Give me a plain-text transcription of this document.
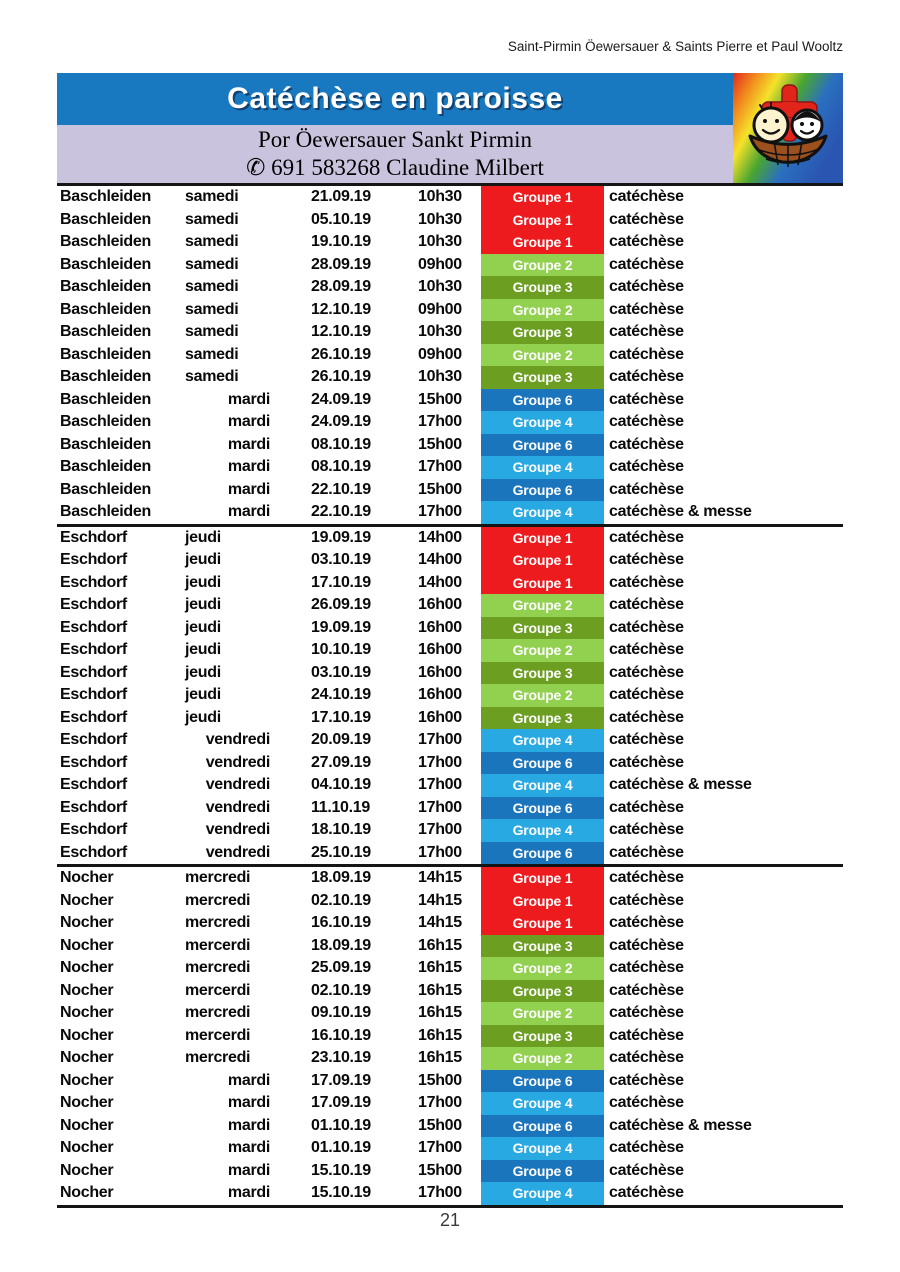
Saint-Pirmin Öewersauer & Saints Pierre et Paul Wooltz
Catéchèse en paroisse
Por Öewersauer Sankt Pirmin
✆ 691 583268 Claudine Milbert
Baschleiden	samedi	21.09.19	10h30	Groupe 1	catéchèse
Baschleiden	samedi	05.10.19	10h30	Groupe 1	catéchèse
Baschleiden	samedi	19.10.19	10h30	Groupe 1	catéchèse
Baschleiden	samedi	28.09.19	09h00	Groupe 2	catéchèse
Baschleiden	samedi	28.09.19	10h30	Groupe 3	catéchèse
Baschleiden	samedi	12.10.19	09h00	Groupe 2	catéchèse
Baschleiden	samedi	12.10.19	10h30	Groupe 3	catéchèse
Baschleiden	samedi	26.10.19	09h00	Groupe 2	catéchèse
Baschleiden	samedi	26.10.19	10h30	Groupe 3	catéchèse
Baschleiden	mardi	24.09.19	15h00	Groupe 6	catéchèse
Baschleiden	mardi	24.09.19	17h00	Groupe 4	catéchèse
Baschleiden	mardi	08.10.19	15h00	Groupe 6	catéchèse
Baschleiden	mardi	08.10.19	17h00	Groupe 4	catéchèse
Baschleiden	mardi	22.10.19	15h00	Groupe 6	catéchèse
Baschleiden	mardi	22.10.19	17h00	Groupe 4	catéchèse & messe
Eschdorf	jeudi	19.09.19	14h00	Groupe 1	catéchèse
Eschdorf	jeudi	03.10.19	14h00	Groupe 1	catéchèse
Eschdorf	jeudi	17.10.19	14h00	Groupe 1	catéchèse
Eschdorf	jeudi	26.09.19	16h00	Groupe 2	catéchèse
Eschdorf	jeudi	19.09.19	16h00	Groupe 3	catéchèse
Eschdorf	jeudi	10.10.19	16h00	Groupe 2	catéchèse
Eschdorf	jeudi	03.10.19	16h00	Groupe 3	catéchèse
Eschdorf	jeudi	24.10.19	16h00	Groupe 2	catéchèse
Eschdorf	jeudi	17.10.19	16h00	Groupe 3	catéchèse
Eschdorf	vendredi	20.09.19	17h00	Groupe 4	catéchèse
Eschdorf	vendredi	27.09.19	17h00	Groupe 6	catéchèse
Eschdorf	vendredi	04.10.19	17h00	Groupe 4	catéchèse & messe
Eschdorf	vendredi	11.10.19	17h00	Groupe 6	catéchèse
Eschdorf	vendredi	18.10.19	17h00	Groupe 4	catéchèse
Eschdorf	vendredi	25.10.19	17h00	Groupe 6	catéchèse
Nocher	mercredi	18.09.19	14h15	Groupe 1	catéchèse
Nocher	mercredi	02.10.19	14h15	Groupe 1	catéchèse
Nocher	mercredi	16.10.19	14h15	Groupe 1	catéchèse
Nocher	mercerdi	18.09.19	16h15	Groupe 3	catéchèse
Nocher	mercredi	25.09.19	16h15	Groupe 2	catéchèse
Nocher	mercerdi	02.10.19	16h15	Groupe 3	catéchèse
Nocher	mercredi	09.10.19	16h15	Groupe 2	catéchèse
Nocher	mercerdi	16.10.19	16h15	Groupe 3	catéchèse
Nocher	mercredi	23.10.19	16h15	Groupe 2	catéchèse
Nocher	mardi	17.09.19	15h00	Groupe 6	catéchèse
Nocher	mardi	17.09.19	17h00	Groupe 4	catéchèse
Nocher	mardi	01.10.19	15h00	Groupe 6	catéchèse & messe
Nocher	mardi	01.10.19	17h00	Groupe 4	catéchèse
Nocher	mardi	15.10.19	15h00	Groupe 6	catéchèse
Nocher	mardi	15.10.19	17h00	Groupe 4	catéchèse
21
